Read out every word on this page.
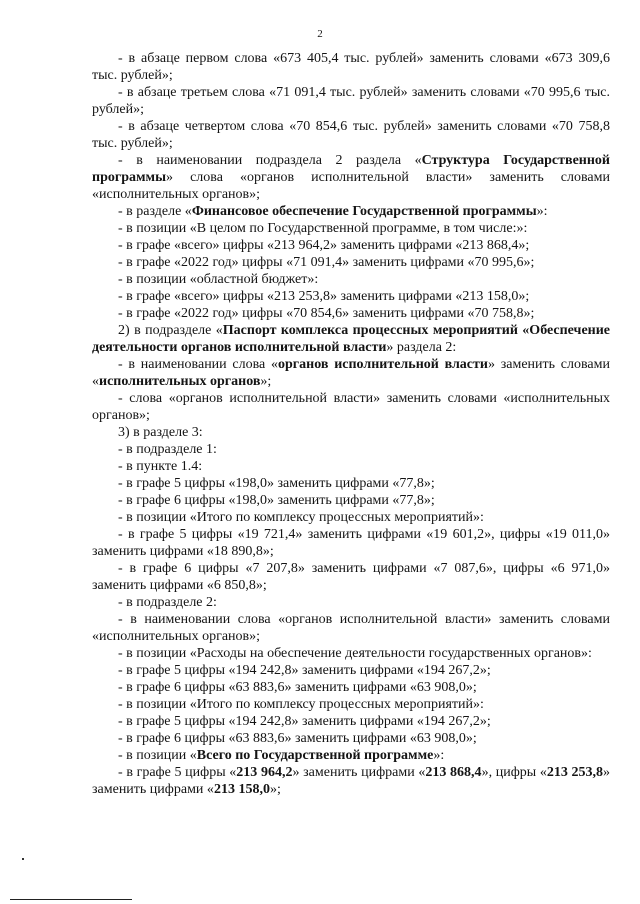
2

- в абзаце первом слова «673 405,4 тыс. рублей» заменить словами «673 309,6 тыс. рублей»;

- в абзаце третьем слова «71 091,4 тыс. рублей» заменить словами «70 995,6 тыс. рублей»;

- в абзаце четвертом слова «70 854,6 тыс. рублей» заменить словами «70 758,8 тыс. рублей»;

- в наименовании подраздела 2 раздела «Структура Государственной программы» слова «органов исполнительной власти» заменить словами «исполнительных органов»;

- в разделе «Финансовое обеспечение Государственной программы»:

- в позиции «В целом по Государственной программе, в том числе:»:

- в графе «всего» цифры «213 964,2» заменить цифрами «213 868,4»;

- в графе «2022 год» цифры «71 091,4» заменить цифрами «70 995,6»;

- в позиции «областной бюджет»:

- в графе «всего» цифры «213 253,8» заменить цифрами «213 158,0»;

- в графе «2022 год» цифры «70 854,6» заменить цифрами «70 758,8»;

2) в подразделе «Паспорт комплекса процессных мероприятий «Обеспечение деятельности органов исполнительной власти» раздела 2:

- в наименовании слова «органов исполнительной власти» заменить словами «исполнительных органов»;

- слова «органов исполнительной власти» заменить словами «исполнительных органов»;

3) в разделе 3:

- в подразделе 1:

- в пункте 1.4:

- в графе 5 цифры «198,0» заменить цифрами «77,8»;

- в графе 6 цифры «198,0» заменить цифрами «77,8»;

- в позиции «Итого по комплексу процессных мероприятий»:

- в графе 5 цифры «19 721,4» заменить цифрами «19 601,2», цифры «19 011,0» заменить цифрами «18 890,8»;

- в графе 6 цифры «7 207,8» заменить цифрами «7 087,6», цифры «6 971,0» заменить цифрами «6 850,8»;

- в подразделе 2:

- в наименовании слова «органов исполнительной власти» заменить словами «исполнительных органов»;

- в позиции «Расходы на обеспечение деятельности государственных органов»:

- в графе 5 цифры «194 242,8» заменить цифрами «194 267,2»;

- в графе 6 цифры «63 883,6» заменить цифрами «63 908,0»;

- в позиции «Итого по комплексу процессных мероприятий»:

- в графе 5 цифры «194 242,8» заменить цифрами «194 267,2»;

- в графе 6 цифры «63 883,6» заменить цифрами «63 908,0»;

- в позиции «Всего по Государственной программе»:

- в графе 5 цифры «213 964,2» заменить цифрами «213 868,4», цифры «213 253,8» заменить цифрами «213 158,0»;
